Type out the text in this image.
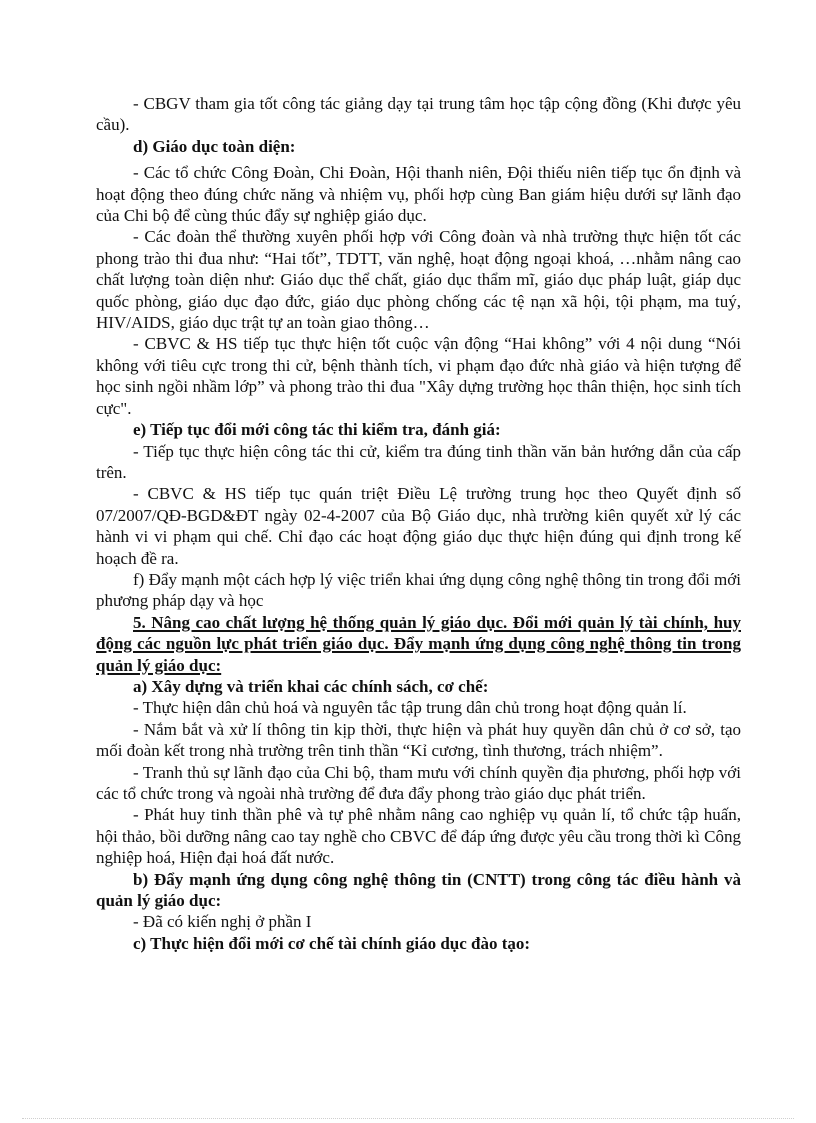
- CBGV tham gia tốt công tác giảng dạy tại trung tâm học tập cộng đồng (Khi được yêu cầu).

d) Giáo dục toàn diện:

- Các tổ chức Công Đoàn, Chi Đoàn, Hội thanh niên, Đội thiếu niên tiếp tục ổn định và hoạt động theo đúng chức năng và nhiệm vụ, phối hợp cùng Ban giám hiệu dưới sự lãnh đạo của Chi bộ để cùng thúc đẩy sự nghiệp giáo dục.

- Các đoàn thể thường xuyên phối hợp với Công đoàn và nhà trường thực hiện tốt các phong trào thi đua như: “Hai tốt”, TDTT, văn nghệ, hoạt động ngoại khoá, …nhằm nâng cao chất lượng toàn diện như: Giáo dục thể chất, giáo dục thẩm mĩ, giáo dục pháp luật, giáp dục quốc phòng, giáo dục đạo đức, giáo dục phòng chống các tệ nạn xã hội, tội phạm, ma tuý, HIV/AIDS, giáo dục trật tự an toàn giao thông…

- CBVC & HS tiếp tục thực hiện tốt cuộc vận động “Hai không” với 4 nội dung “Nói không với tiêu cực trong thi cử, bệnh thành tích, vi phạm đạo đức nhà giáo và hiện tượng để học sinh ngồi nhầm lớp” và phong trào thi đua "Xây dựng trường học thân thiện, học sinh tích cực".

e) Tiếp tục đổi mới công tác thi kiểm tra, đánh giá:

- Tiếp tục thực hiện công tác thi cử, kiểm tra đúng tinh thần văn bản hướng dẫn của cấp trên.

- CBVC & HS tiếp tục quán triệt Điều Lệ trường trung học theo Quyết định số 07/2007/QĐ-BGD&ĐT ngày 02-4-2007 của Bộ Giáo dục, nhà trường kiên quyết xử lý các hành vi vi phạm qui chế. Chỉ đạo các hoạt động giáo dục thực hiện đúng qui định trong kế hoạch đề ra.

f) Đẩy mạnh một cách hợp lý việc triển khai ứng dụng công nghệ thông tin trong đổi mới phương pháp dạy và học

5. Nâng cao chất lượng hệ thống quản lý giáo dục. Đổi mới quản lý tài chính, huy động các nguồn lực phát triển giáo dục. Đẩy mạnh ứng dụng công nghệ thông tin trong quản lý giáo dục:

a) Xây dựng và triển khai các chính sách, cơ chế:

- Thực hiện dân chủ hoá và nguyên tắc tập trung dân chủ trong hoạt động quản lí.

- Nắm bắt và xử lí thông tin kịp thời, thực hiện và phát huy quyền dân chủ ở cơ sở, tạo mối đoàn kết trong nhà trường trên tinh thần “Kỉ cương, tình thương, trách nhiệm”.

- Tranh thủ sự lãnh đạo của Chi bộ, tham mưu với chính quyền địa phương, phối hợp với các tổ chức trong và ngoài nhà trường để đưa đẩy phong trào giáo dục phát triển.

- Phát huy tinh thần phê và tự phê nhằm nâng cao nghiệp vụ quản lí, tổ chức tập huấn, hội thảo, bồi dưỡng nâng cao tay nghề cho CBVC để đáp ứng được yêu cầu trong thời kì Công nghiệp hoá, Hiện đại hoá đất nước.

b) Đẩy mạnh ứng dụng công nghệ thông tin (CNTT) trong công tác điều hành và quản lý giáo dục:

- Đã có kiến nghị ở phần I

c) Thực hiện đổi mới cơ chế tài chính giáo dục đào tạo:
